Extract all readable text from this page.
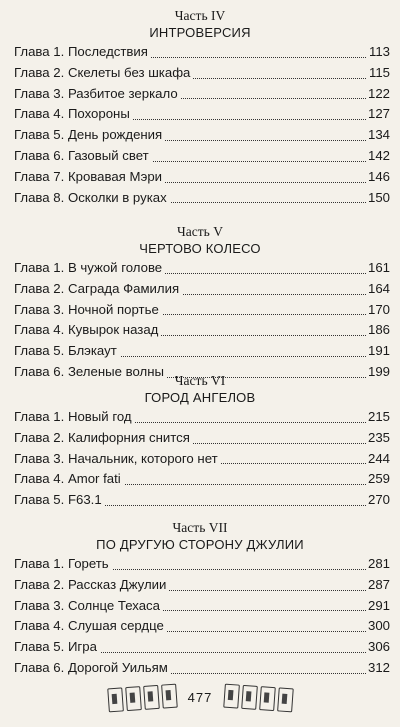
Часть IV
ИНТРОВЕРСИЯ
Глава 1. Последствия	113
Глава 2. Скелеты без шкафа	115
Глава 3. Разбитое зеркало	122
Глава 4. Похороны	127
Глава 5. День рождения	134
Глава 6. Газовый свет	142
Глава 7. Кровавая Мэри	146
Глава 8. Осколки в руках	150
Часть V
ЧЕРТОВО КОЛЕСО
Глава 1. В чужой голове	161
Глава 2. Саграда Фамилия	164
Глава 3. Ночной портье	170
Глава 4. Кувырок назад	186
Глава 5. Блэкаут	191
Глава 6. Зеленые волны	199
Часть VI
ГОРОД АНГЕЛОВ
Глава 1. Новый год	215
Глава 2. Калифорния снится	235
Глава 3. Начальник, которого нет	244
Глава 4. Amor fati	259
Глава 5. F63.1	270
Часть VII
ПО ДРУГУЮ СТОРОНУ ДЖУЛИИ
Глава 1. Гореть	281
Глава 2. Рассказ Джулии	287
Глава 3. Солнце Техаса	291
Глава 4. Слушая сердце	300
Глава 5. Игра	306
Глава 6. Дорогой Уильям	312
477
